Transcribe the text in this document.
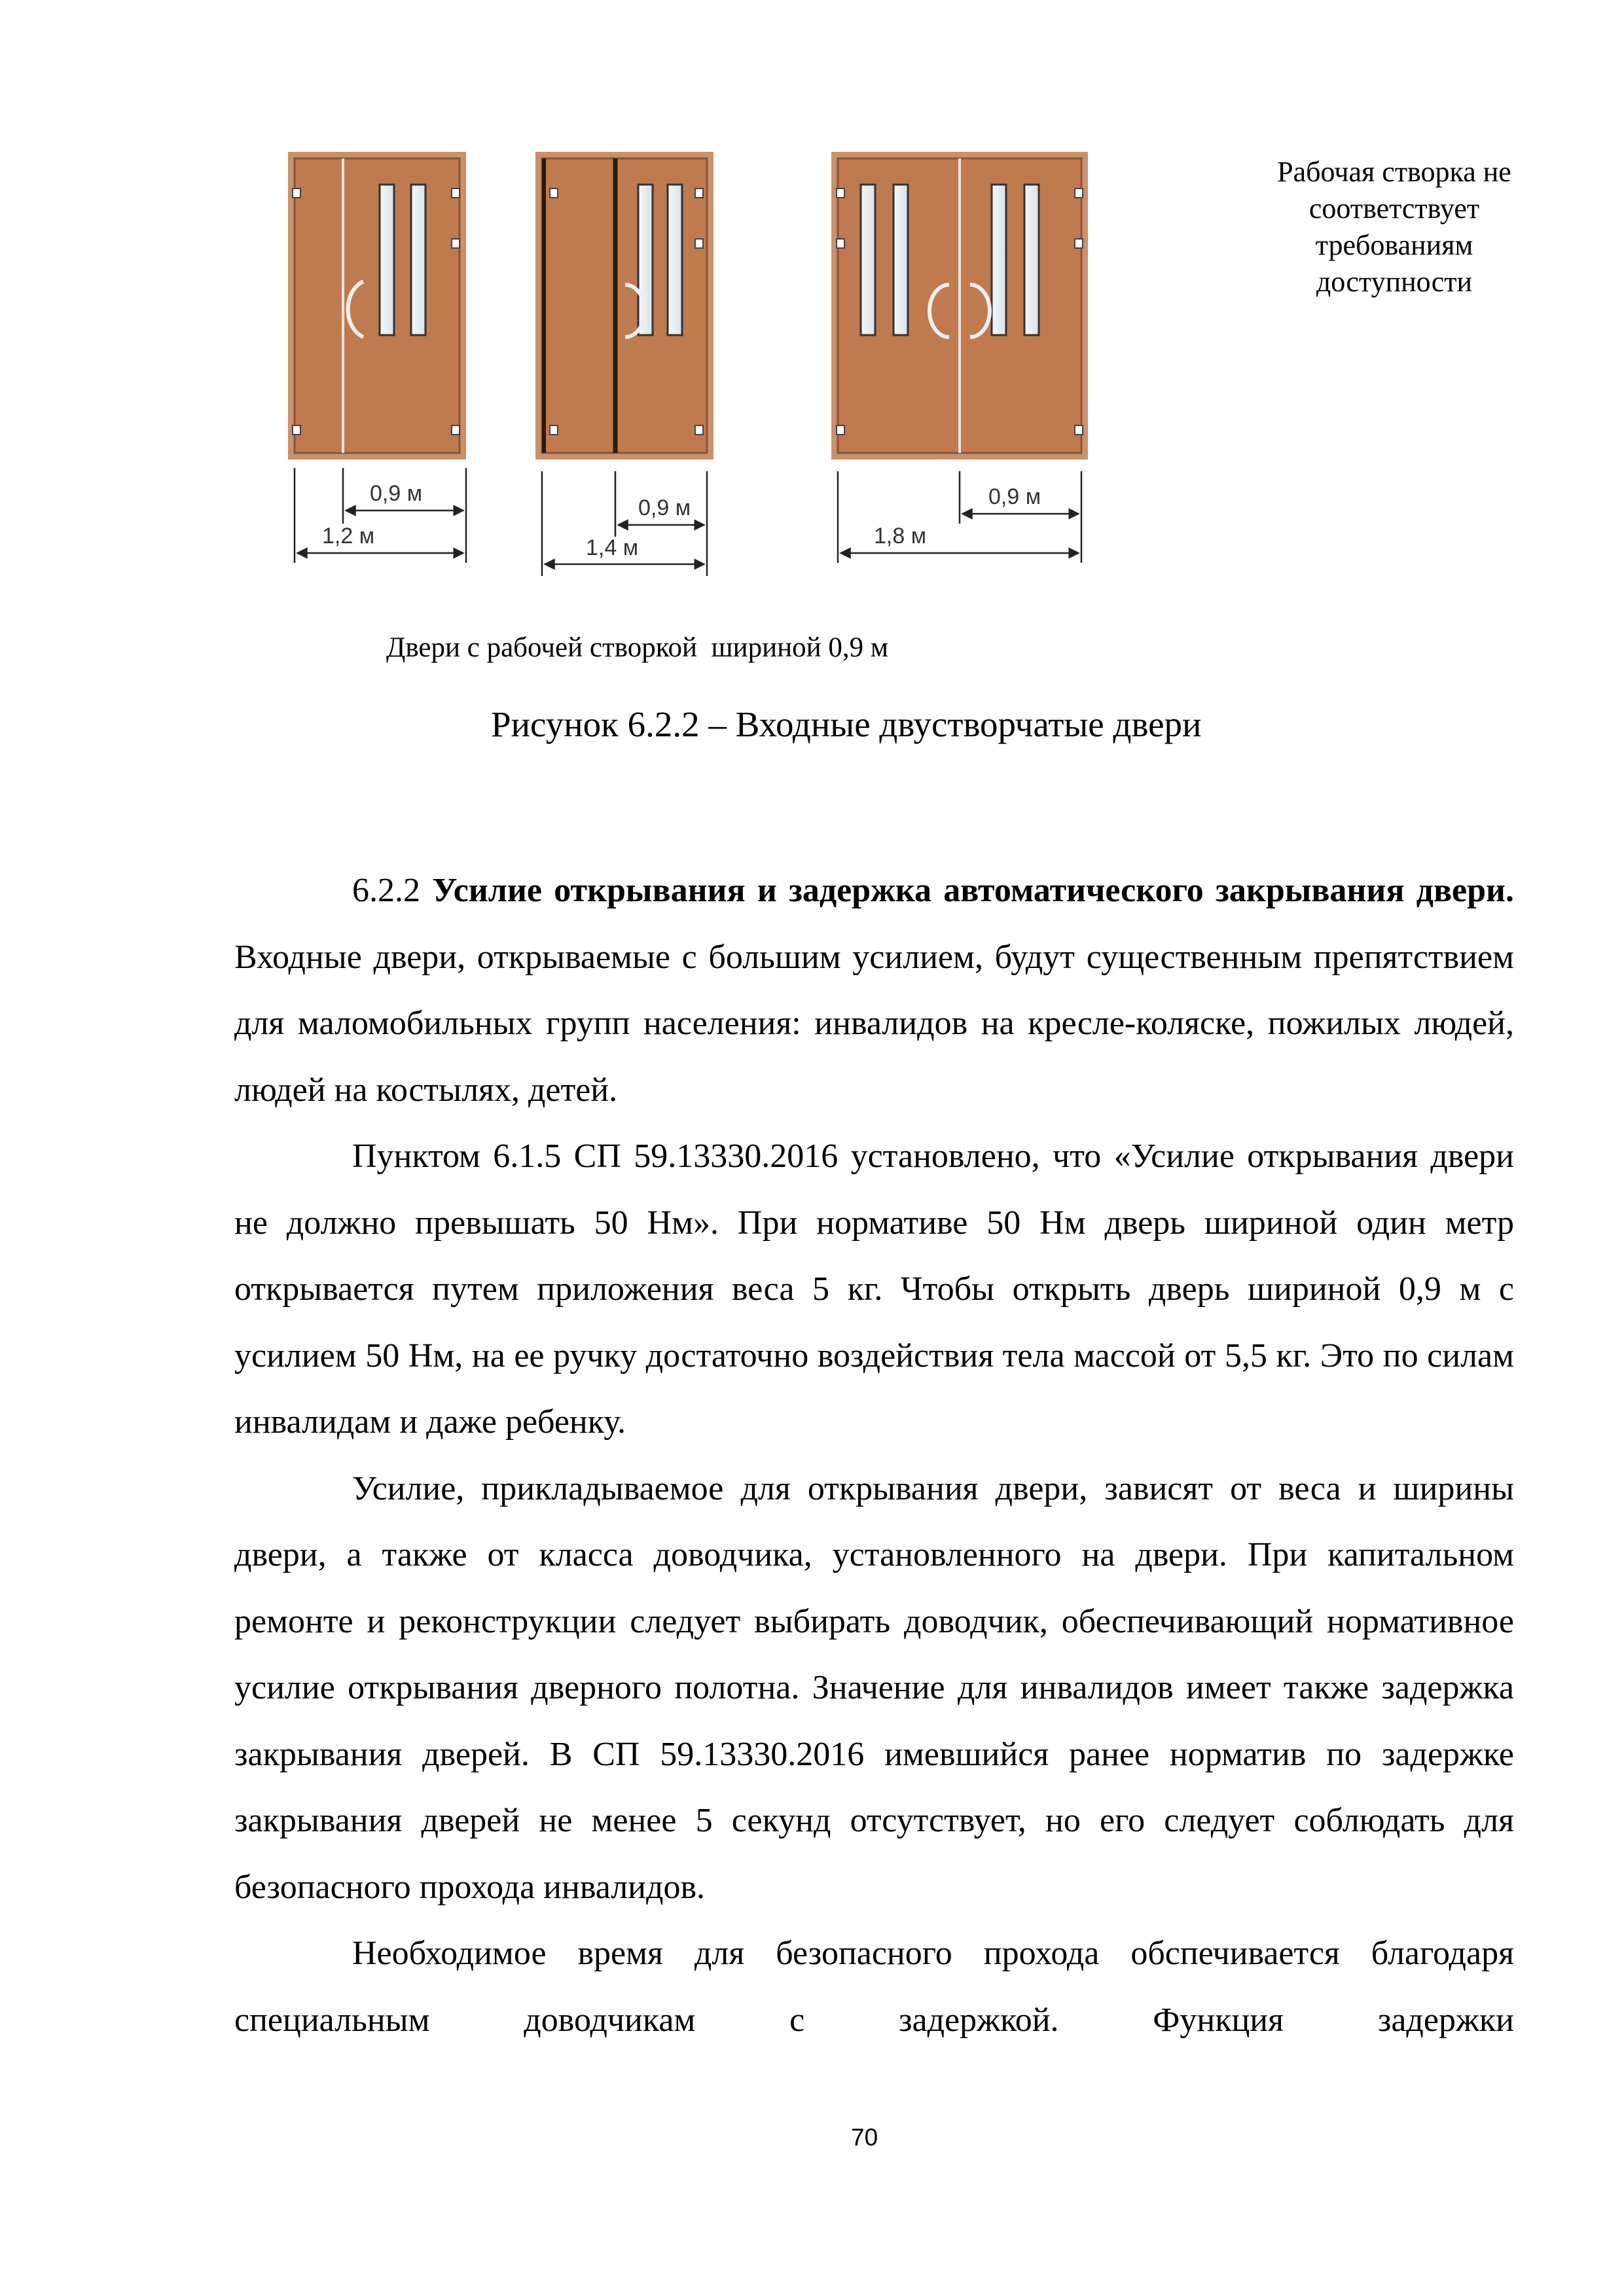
0,9 м
1,2 м
0,9 м
1,4 м
0,9 м
1,8 м
Рабочая створка не
соответствует
требованиям
доступности
Двери с рабочей створкой  шириной 0,9 м
Рисунок 6.2.2 – Входные двустворчатые двери

6.2.2 Усилие открывания и задержка автоматического закрывания двери. Входные двери, открываемые с большим усилием, будут существенным препятствием для маломобильных групп населения: инвалидов на кресле-коляске, пожилых людей, людей на костылях, детей.

Пунктом 6.1.5 СП 59.13330.2016 установлено, что «Усилие открывания двери не должно превышать 50 Нм». При нормативе 50 Нм дверь шириной один метр открывается путем приложения веса 5 кг. Чтобы открыть дверь шириной 0,9 м с усилием 50 Нм, на ее ручку достаточно воздействия тела массой от 5,5 кг. Это по силам инвалидам и даже ребенку.

Усилие, прикладываемое для открывания двери, зависят от веса и ширины двери, а также от класса доводчика, установленного на двери. При капитальном ремонте и реконструкции следует выбирать доводчик, обеспечивающий нормативное усилие открывания дверного полотна. Значение для инвалидов имеет также задержка закрывания дверей. В СП 59.13330.2016 имевшийся ранее норматив по задержке закрывания дверей не менее 5 секунд отсутствует, но его следует соблюдать для безопасного прохода инвалидов.

Необходимое время для безопасного прохода обспечивается благодаря специальным доводчикам с задержкой. Функция задержки

70
